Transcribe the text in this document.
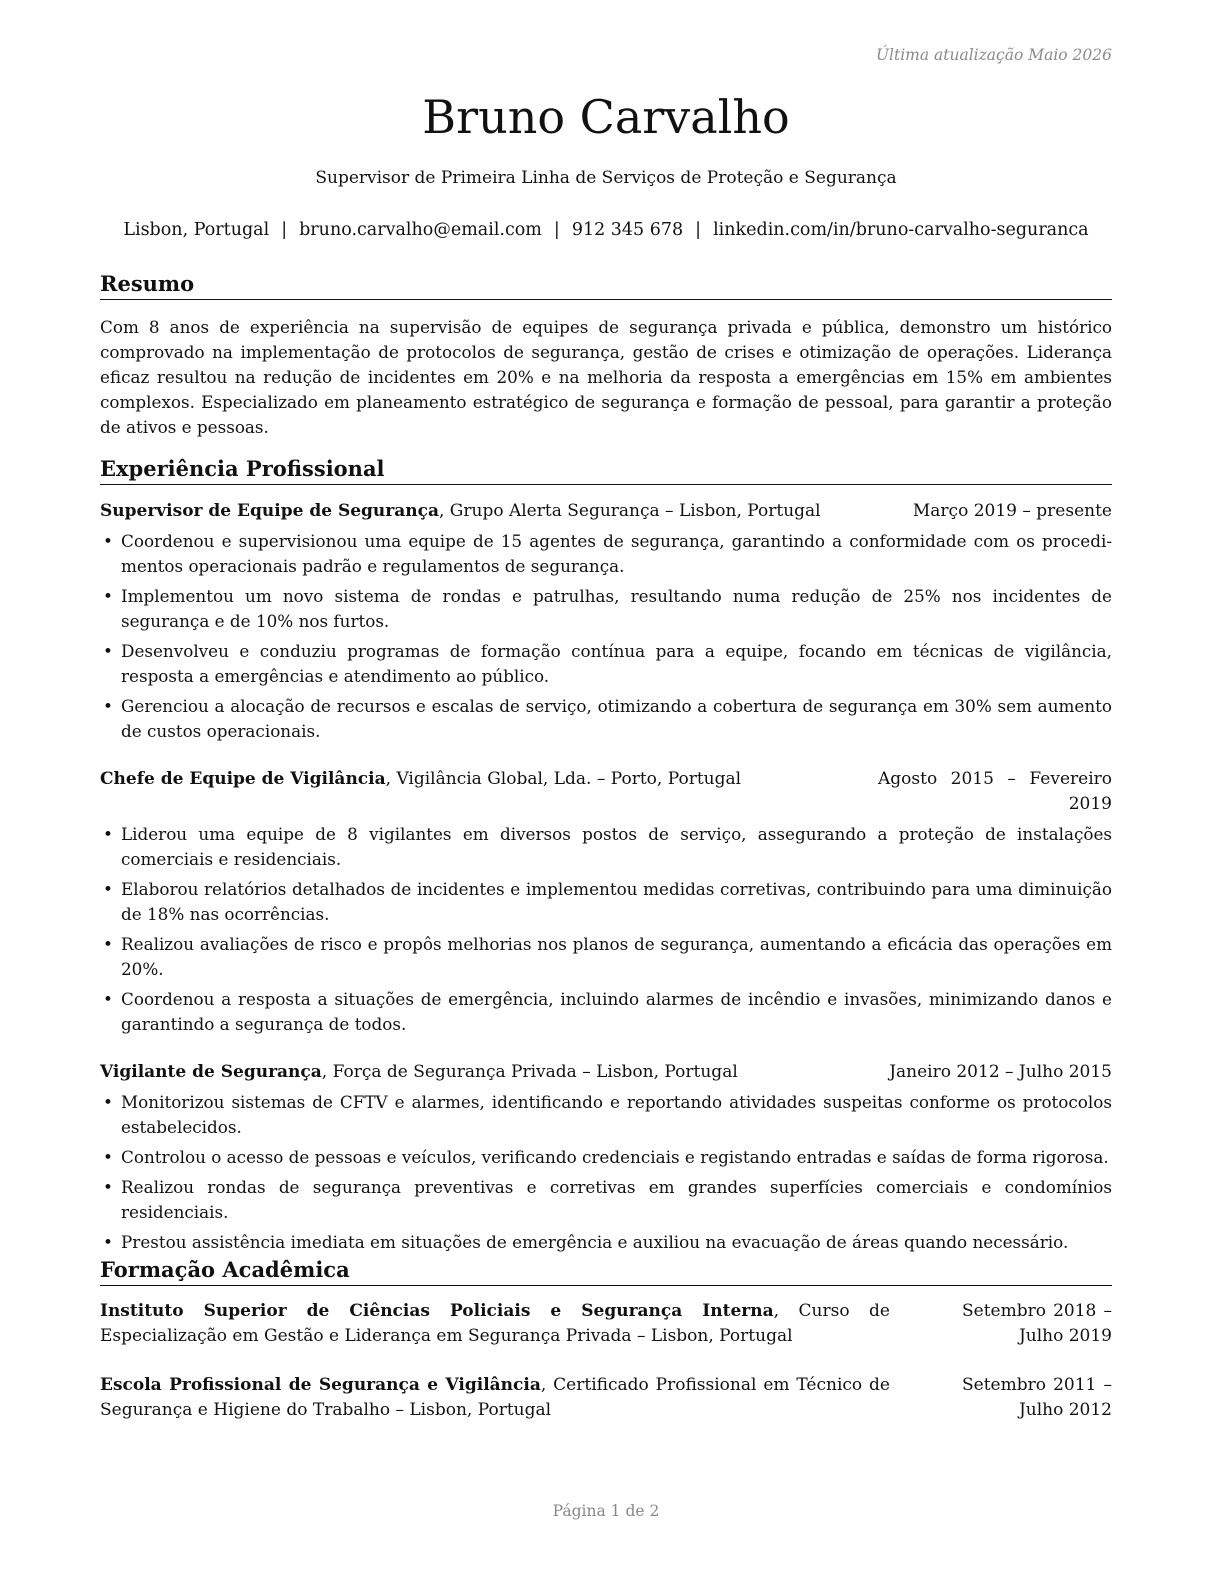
Última atualização Maio 2026
Bruno Carvalho
Supervisor de Primeira Linha de Serviços de Proteção e Segurança
Lisbon, Portugal | bruno.carvalho@email.com | 912 345 678 | linkedin.com/in/bruno-carvalho-seguranca
Resumo
Com 8 anos de experiência na supervisão de equipes de segurança privada e pública, demonstro um histórico comprovado na implementação de protocolos de segurança, gestão de crises e otimização de operações. Liderança eficaz resultou na redução de incidentes em 20% e na melhoria da resposta a emergências em 15% em ambientes complexos. Especializado em planeamento estratégico de segurança e formação de pessoal, para garantir a proteção de ativos e pessoas.
Experiência Profissional
Supervisor de Equipe de Segurança, Grupo Alerta Segurança – Lisbon, Portugal	Março 2019 – presente
• Coordenou e supervisionou uma equipe de 15 agentes de segurança, garantindo a conformidade com os procedi-mentos operacionais padrão e regulamentos de segurança.
• Implementou um novo sistema de rondas e patrulhas, resultando numa redução de 25% nos incidentes de segurança e de 10% nos furtos.
• Desenvolveu e conduziu programas de formação contínua para a equipe, focando em técnicas de vigilância, resposta a emergências e atendimento ao público.
• Gerenciou a alocação de recursos e escalas de serviço, otimizando a cobertura de segurança em 30% sem aumento de custos operacionais.
Chefe de Equipe de Vigilância, Vigilância Global, Lda. – Porto, Portugal	Agosto 2015 – Fevereiro 2019
• Liderou uma equipe de 8 vigilantes em diversos postos de serviço, assegurando a proteção de instalações comerciais e residenciais.
• Elaborou relatórios detalhados de incidentes e implementou medidas corretivas, contribuindo para uma diminuição de 18% nas ocorrências.
• Realizou avaliações de risco e propôs melhorias nos planos de segurança, aumentando a eficácia das operações em 20%.
• Coordenou a resposta a situações de emergência, incluindo alarmes de incêndio e invasões, minimizando danos e garantindo a segurança de todos.
Vigilante de Segurança, Força de Segurança Privada – Lisbon, Portugal	Janeiro 2012 – Julho 2015
• Monitorizou sistemas de CFTV e alarmes, identificando e reportando atividades suspeitas conforme os protocolos estabelecidos.
• Controlou o acesso de pessoas e veículos, verificando credenciais e registando entradas e saídas de forma rigorosa.
• Realizou rondas de segurança preventivas e corretivas em grandes superfícies comerciais e condomínios residenciais.
• Prestou assistência imediata em situações de emergência e auxiliou na evacuação de áreas quando necessário.
Formação Acadêmica
Instituto Superior de Ciências Policiais e Segurança Interna, Curso de Especialização em Gestão e Liderança em Segurança Privada – Lisbon, Portugal
Setembro 2018 – Julho 2019
Escola Profissional de Segurança e Vigilância, Certificado Profissional em Técnico de Segurança e Higiene do Trabalho – Lisbon, Portugal
Setembro 2011 – Julho 2012
Página 1 de 2
